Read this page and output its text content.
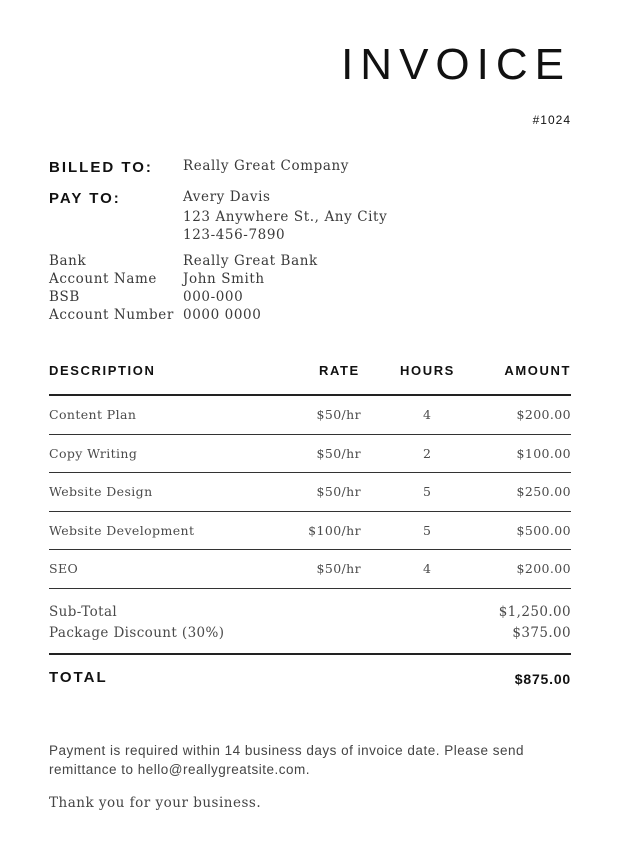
INVOICE
#1024
BILLED TO: Really Great Company
PAY TO:	Avery Davis
123 Anywhere St., Any City
123-456-7890
Bank	Really Great Bank
Account Name John Smith
BSB	000-000
Account Number 0000 0000
DESCRIPTION	RATE	HOURS	AMOUNT
Content Plan	$50/hr	4	$200.00
Copy Writing	$50/hr	2	$100.00
Website Design	$50/hr	5	$250.00
Website Development	$100/hr	5	$500.00
SEO	$50/hr	4	$200.00
Sub-Total	$1,250.00
Package Discount (30%)	$375.00
TOTAL	$875.00
Payment is required within 14 business days of invoice date. Please send remittance to hello@reallygreatsite.com.
Thank you for your business.
